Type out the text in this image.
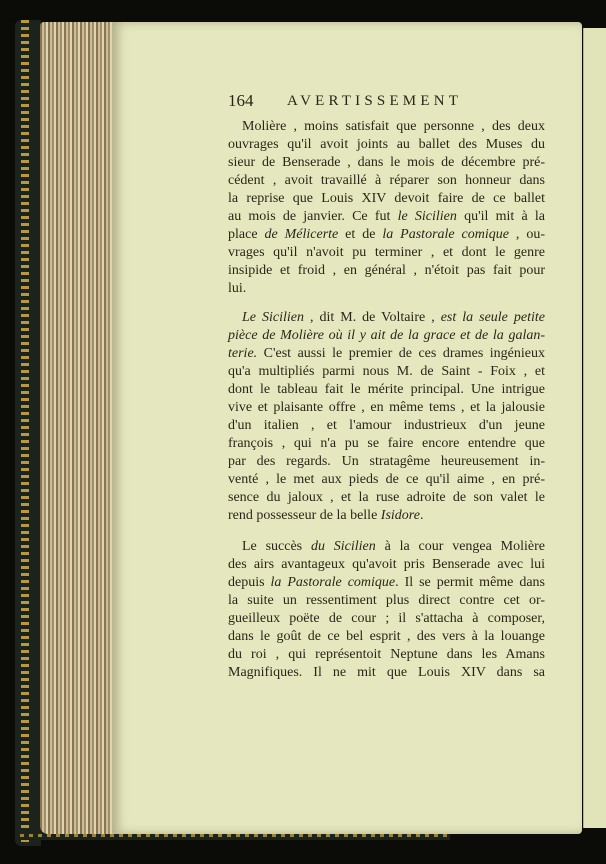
164 AVERTISSEMENT
Molière , moins satisfait que personne , des deux
ouvrages qu'il avoit joints au ballet des Muses du
sieur de Benserade , dans le mois de décembre pré-
cédent , avoit travaillé à réparer son honneur dans
la reprise que Louis XIV devoit faire de ce ballet
au mois de janvier. Ce fut le Sicilien qu'il mit à la
place de Mélicerte et de la Pastorale comique , ou-
vrages qu'il n'avoit pu terminer , et dont le genre
insipide et froid , en général , n'étoit pas fait pour
lui.
Le Sicilien , dit M. de Voltaire , est la seule petite
pièce de Molière où il y ait de la grace et de la galan-
terie. C'est aussi le premier de ces drames ingénieux
qu'a multipliés parmi nous M. de Saint - Foix , et
dont le tableau fait le mérite principal. Une intrigue
vive et plaisante offre , en même tems , et la jalousie
d'un italien , et l'amour industrieux d'un jeune
françois , qui n'a pu se faire encore entendre que
par des regards. Un stratagême heureusement in-
venté , le met aux pieds de ce qu'il aime , en pré-
sence du jaloux , et la ruse adroite de son valet le
rend possesseur de la belle Isidore.
Le succès du Sicilien à la cour vengea Molière
des airs avantageux qu'avoit pris Benserade avec lui
depuis la Pastorale comique. Il se permit même dans
la suite un ressentiment plus direct contre cet or-
gueilleux poëte de cour ; il s'attacha à composer,
dans le goût de ce bel esprit , des vers à la louange
du roi , qui représentoit Neptune dans les Amans
Magnifiques. Il ne mit que Louis XIV dans sa
